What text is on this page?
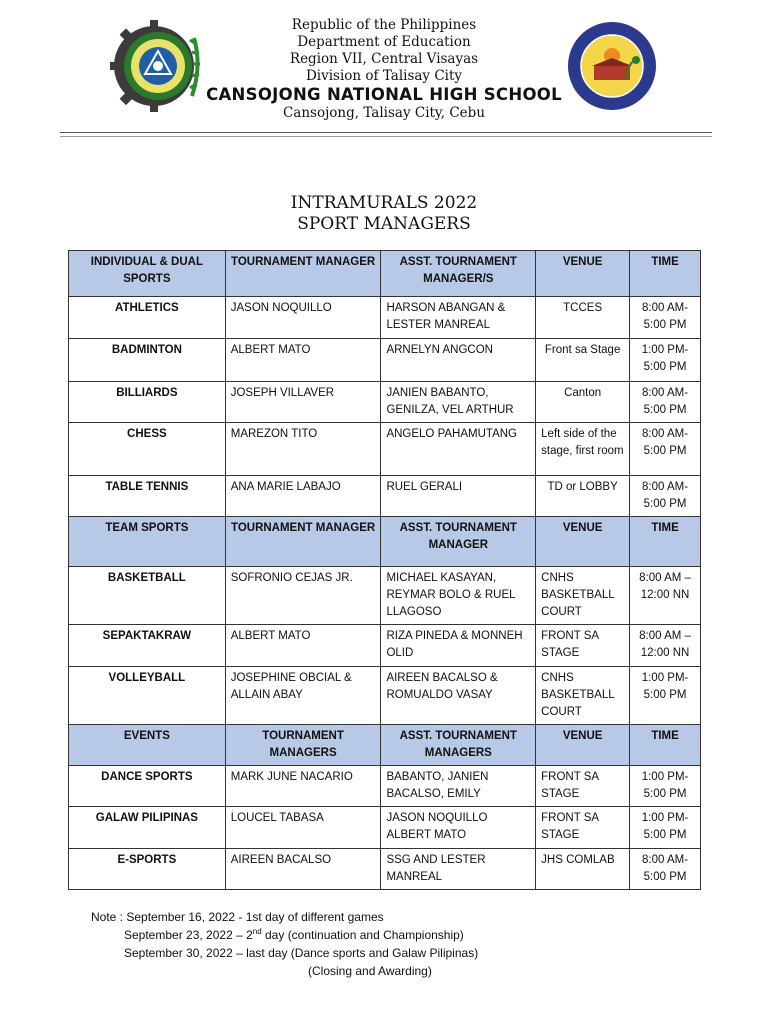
Republic of the Philippines
Department of Education
Region VII, Central Visayas
Division of Talisay City
CANSOJONG NATIONAL HIGH SCHOOL
Cansojong, Talisay City, Cebu
INTRAMURALS 2022
SPORT MANAGERS
INDIVIDUAL & DUAL SPORTS	TOURNAMENT MANAGER	ASST. TOURNAMENT MANAGER/S	VENUE	TIME
ATHLETICS	JASON NOQUILLO	HARSON ABANGAN & LESTER MANREAL	TCCES	8:00 AM- 5:00 PM
BADMINTON	ALBERT MATO	ARNELYN ANGCON	Front sa Stage	1:00 PM- 5:00 PM
BILLIARDS	JOSEPH VILLAVER	JANIEN BABANTO, GENILZA, VEL ARTHUR	Canton	8:00 AM- 5:00 PM
CHESS	MAREZON TITO	ANGELO PAHAMUTANG	Left side of the stage, first room	8:00 AM- 5:00 PM
TABLE TENNIS	ANA MARIE LABAJO	RUEL GERALI	TD or LOBBY	8:00 AM- 5:00 PM
TEAM SPORTS	TOURNAMENT MANAGER	ASST. TOURNAMENT MANAGER	VENUE	TIME
BASKETBALL	SOFRONIO CEJAS JR.	MICHAEL KASAYAN, REYMAR BOLO & RUEL LLAGOSO	CNHS BASKETBALL COURT	8:00 AM – 12:00 NN
SEPAKTAKRAW	ALBERT MATO	RIZA PINEDA & MONNEH OLID	FRONT SA STAGE	8:00 AM – 12:00 NN
VOLLEYBALL	JOSEPHINE OBCIAL & ALLAIN ABAY	AIREEN BACALSO & ROMUALDO VASAY	CNHS BASKETBALL COURT	1:00 PM- 5:00 PM
EVENTS	TOURNAMENT MANAGERS	ASST. TOURNAMENT MANAGERS	VENUE	TIME
DANCE SPORTS	MARK JUNE NACARIO	BABANTO, JANIEN BACALSO, EMILY	FRONT SA STAGE	1:00 PM- 5:00 PM
GALAW PILIPINAS	LOUCEL TABASA	JASON NOQUILLO ALBERT MATO	FRONT SA STAGE	1:00 PM- 5:00 PM
E-SPORTS	AIREEN BACALSO	SSG AND LESTER MANREAL	JHS COMLAB	8:00 AM- 5:00 PM
Note : September 16, 2022 - 1st day of different games
September 23, 2022 – 2nd day (continuation and Championship)
September 30, 2022 – last day (Dance sports and Galaw Pilipinas)
(Closing and Awarding)
